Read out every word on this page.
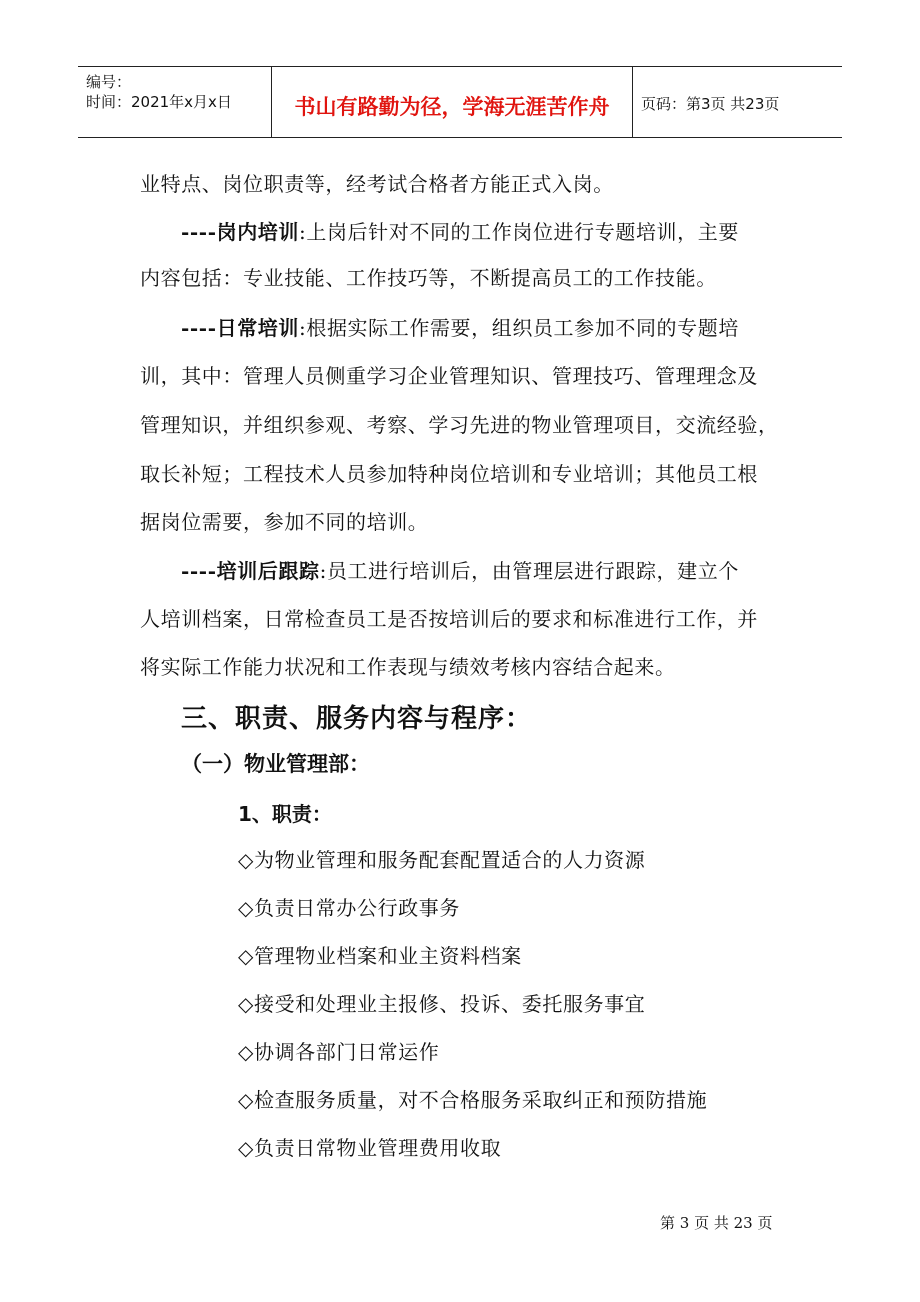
编号：
时间：2021年x月x日	书山有路勤为径，学海无涯苦作舟	页码：第3页 共23页
业特点、岗位职责等，经考试合格者方能正式入岗。
----岗内培训:上岗后针对不同的工作岗位进行专题培训，主要
内容包括：专业技能、工作技巧等，不断提高员工的工作技能。
----日常培训:根据实际工作需要，组织员工参加不同的专题培
训，其中：管理人员侧重学习企业管理知识、管理技巧、管理理念及
管理知识，并组织参观、考察、学习先进的物业管理项目，交流经验，
取长补短；工程技术人员参加特种岗位培训和专业培训；其他员工根
据岗位需要，参加不同的培训。
----培训后跟踪:员工进行培训后，由管理层进行跟踪，建立个
人培训档案，日常检查员工是否按培训后的要求和标准进行工作，并
将实际工作能力状况和工作表现与绩效考核内容结合起来。
三、职责、服务内容与程序：
（一）物业管理部：
1、职责：
◇为物业管理和服务配套配置适合的人力资源
◇负责日常办公行政事务
◇管理物业档案和业主资料档案
◇接受和处理业主报修、投诉、委托服务事宜
◇协调各部门日常运作
◇检查服务质量，对不合格服务采取纠正和预防措施
◇负责日常物业管理费用收取
第 3 页 共 23 页
